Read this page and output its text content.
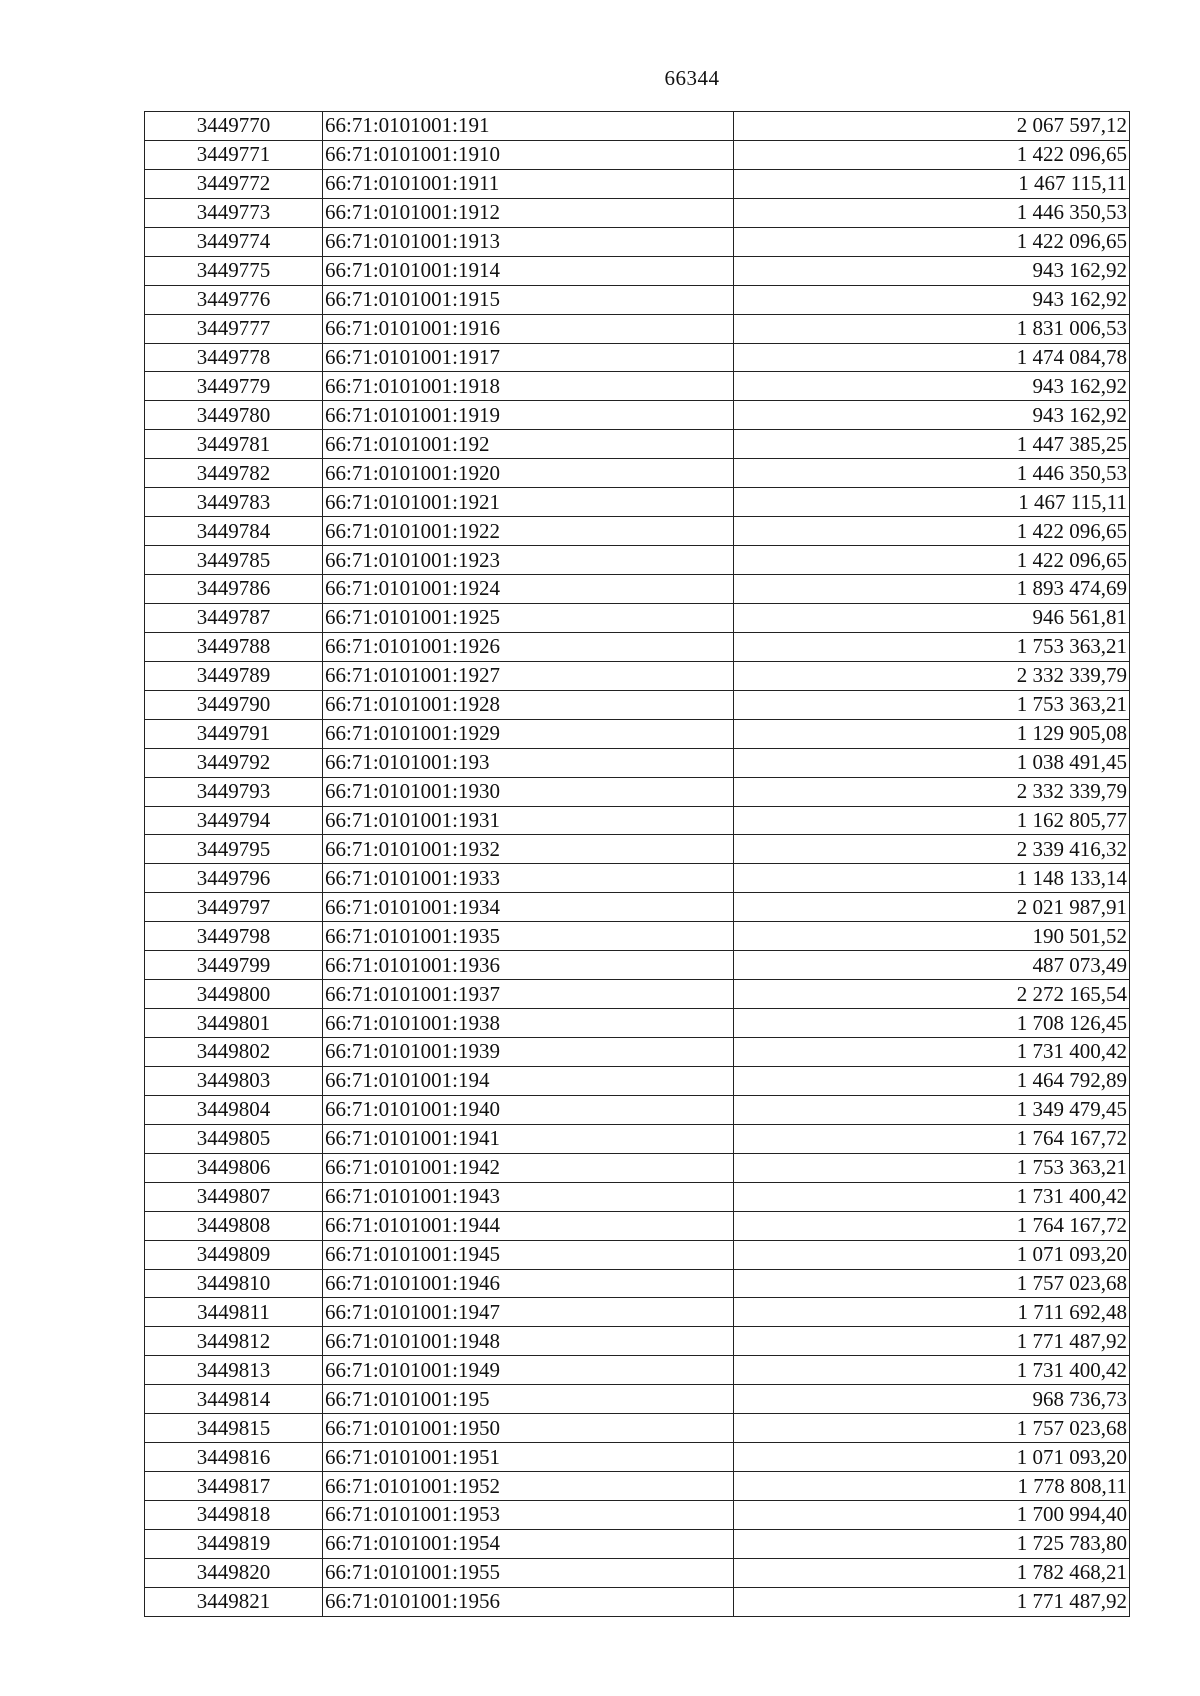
66344
3449770	66:71:0101001:191	2 067 597,12
3449771	66:71:0101001:1910	1 422 096,65
3449772	66:71:0101001:1911	1 467 115,11
3449773	66:71:0101001:1912	1 446 350,53
3449774	66:71:0101001:1913	1 422 096,65
3449775	66:71:0101001:1914	943 162,92
3449776	66:71:0101001:1915	943 162,92
3449777	66:71:0101001:1916	1 831 006,53
3449778	66:71:0101001:1917	1 474 084,78
3449779	66:71:0101001:1918	943 162,92
3449780	66:71:0101001:1919	943 162,92
3449781	66:71:0101001:192	1 447 385,25
3449782	66:71:0101001:1920	1 446 350,53
3449783	66:71:0101001:1921	1 467 115,11
3449784	66:71:0101001:1922	1 422 096,65
3449785	66:71:0101001:1923	1 422 096,65
3449786	66:71:0101001:1924	1 893 474,69
3449787	66:71:0101001:1925	946 561,81
3449788	66:71:0101001:1926	1 753 363,21
3449789	66:71:0101001:1927	2 332 339,79
3449790	66:71:0101001:1928	1 753 363,21
3449791	66:71:0101001:1929	1 129 905,08
3449792	66:71:0101001:193	1 038 491,45
3449793	66:71:0101001:1930	2 332 339,79
3449794	66:71:0101001:1931	1 162 805,77
3449795	66:71:0101001:1932	2 339 416,32
3449796	66:71:0101001:1933	1 148 133,14
3449797	66:71:0101001:1934	2 021 987,91
3449798	66:71:0101001:1935	190 501,52
3449799	66:71:0101001:1936	487 073,49
3449800	66:71:0101001:1937	2 272 165,54
3449801	66:71:0101001:1938	1 708 126,45
3449802	66:71:0101001:1939	1 731 400,42
3449803	66:71:0101001:194	1 464 792,89
3449804	66:71:0101001:1940	1 349 479,45
3449805	66:71:0101001:1941	1 764 167,72
3449806	66:71:0101001:1942	1 753 363,21
3449807	66:71:0101001:1943	1 731 400,42
3449808	66:71:0101001:1944	1 764 167,72
3449809	66:71:0101001:1945	1 071 093,20
3449810	66:71:0101001:1946	1 757 023,68
3449811	66:71:0101001:1947	1 711 692,48
3449812	66:71:0101001:1948	1 771 487,92
3449813	66:71:0101001:1949	1 731 400,42
3449814	66:71:0101001:195	968 736,73
3449815	66:71:0101001:1950	1 757 023,68
3449816	66:71:0101001:1951	1 071 093,20
3449817	66:71:0101001:1952	1 778 808,11
3449818	66:71:0101001:1953	1 700 994,40
3449819	66:71:0101001:1954	1 725 783,80
3449820	66:71:0101001:1955	1 782 468,21
3449821	66:71:0101001:1956	1 771 487,92
